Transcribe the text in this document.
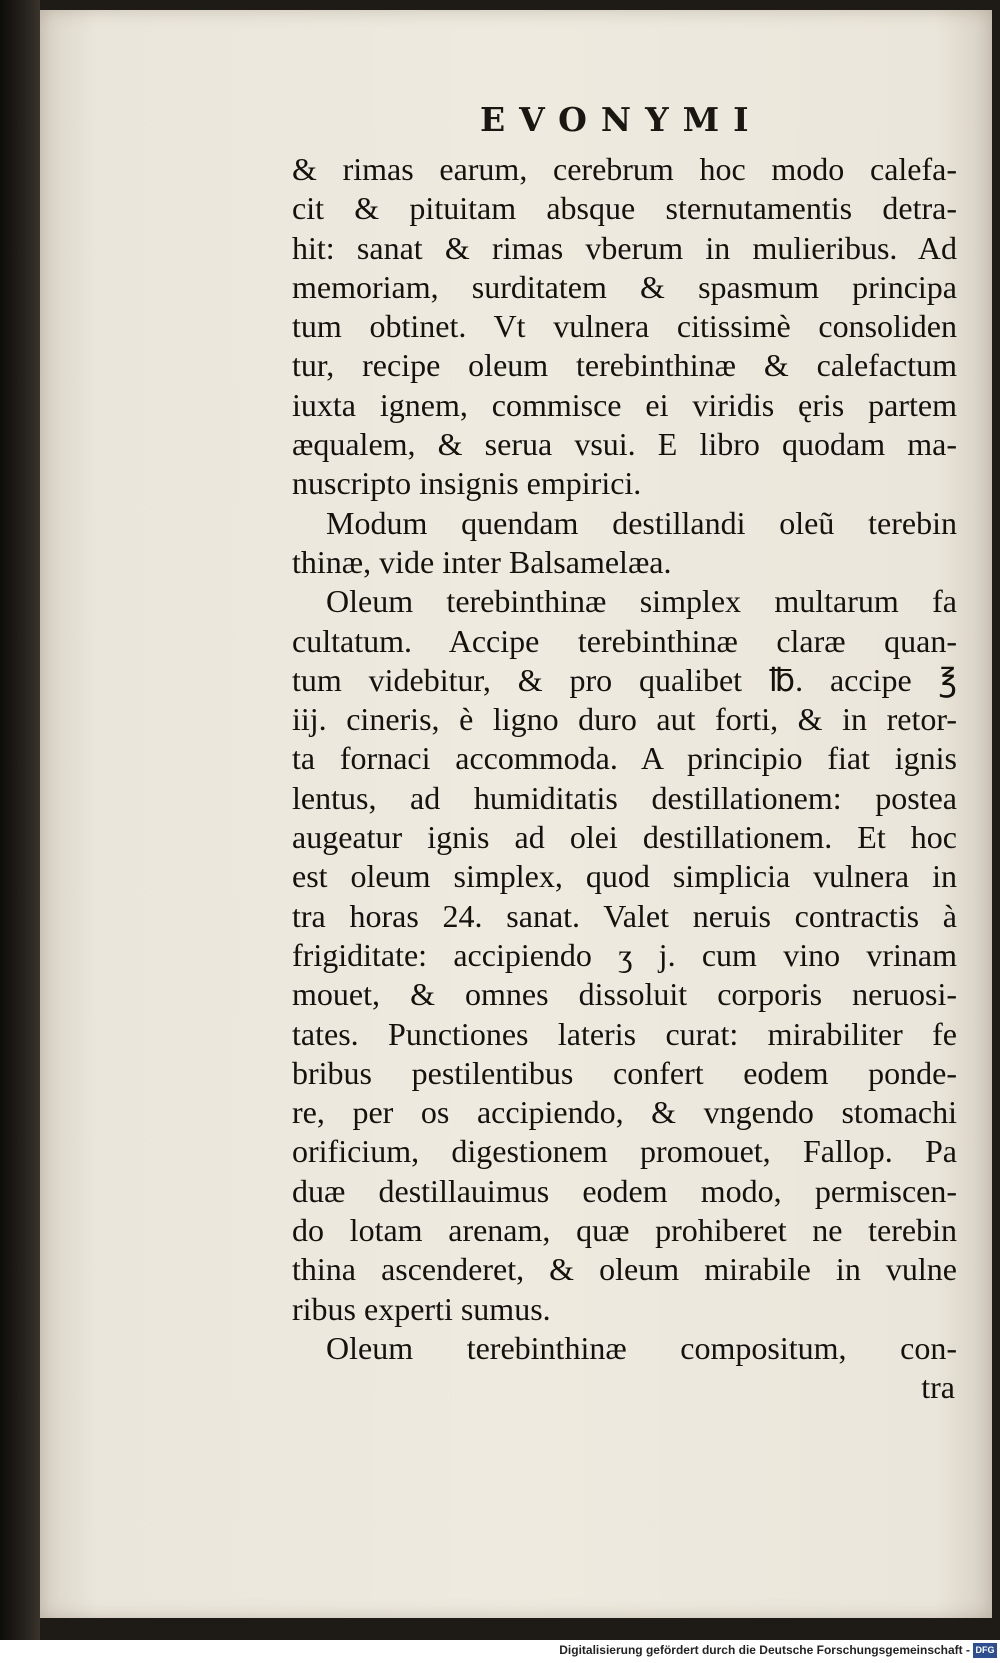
EVONYMI
& rimas earum, cerebrum hoc modo calefa-
cit & pituitam absque sternutamentis detra-
hit: sanat & rimas vberum in mulieribus. Ad
memoriam, surditatem & spasmum principa
tum obtinet. Vt vulnera citissimè consoliden
tur, recipe oleum terebinthinæ & calefactum
iuxta ignem, commisce ei viridis ęris partem
æqualem, & serua vsui. E libro quodam ma-
nuscripto insignis empirici.
Modum quendam destillandi oleũ terebin
thinæ, vide inter Balsamelæa.
Oleum terebinthinæ simplex multarum fa
cultatum. Accipe terebinthinæ claræ quan-
tum videbitur, & pro qualibet ℔. accipe ℥
iij. cineris, è ligno duro aut forti, & in retor-
ta fornaci accommoda. A principio fiat ignis
lentus, ad humiditatis destillationem: postea
augeatur ignis ad olei destillationem. Et hoc
est oleum simplex, quod simplicia vulnera in
tra horas 24. sanat. Valet neruis contractis à
frigiditate: accipiendo ʒ j. cum vino vrinam
mouet, & omnes dissoluit corporis neruosi-
tates. Punctiones lateris curat: mirabiliter fe
bribus pestilentibus confert eodem ponde-
re, per os accipiendo, & vngendo stomachi
orificium, digestionem promouet, Fallop. Pa
duæ destillauimus eodem modo, permiscen-
do lotam arenam, quæ prohiberet ne terebin
thina ascenderet, & oleum mirabile in vulne
ribus experti sumus.
Oleum terebinthinæ compositum, con-
tra
Digitalisierung gefördert durch die Deutsche Forschungsgemeinschaft - DFG
